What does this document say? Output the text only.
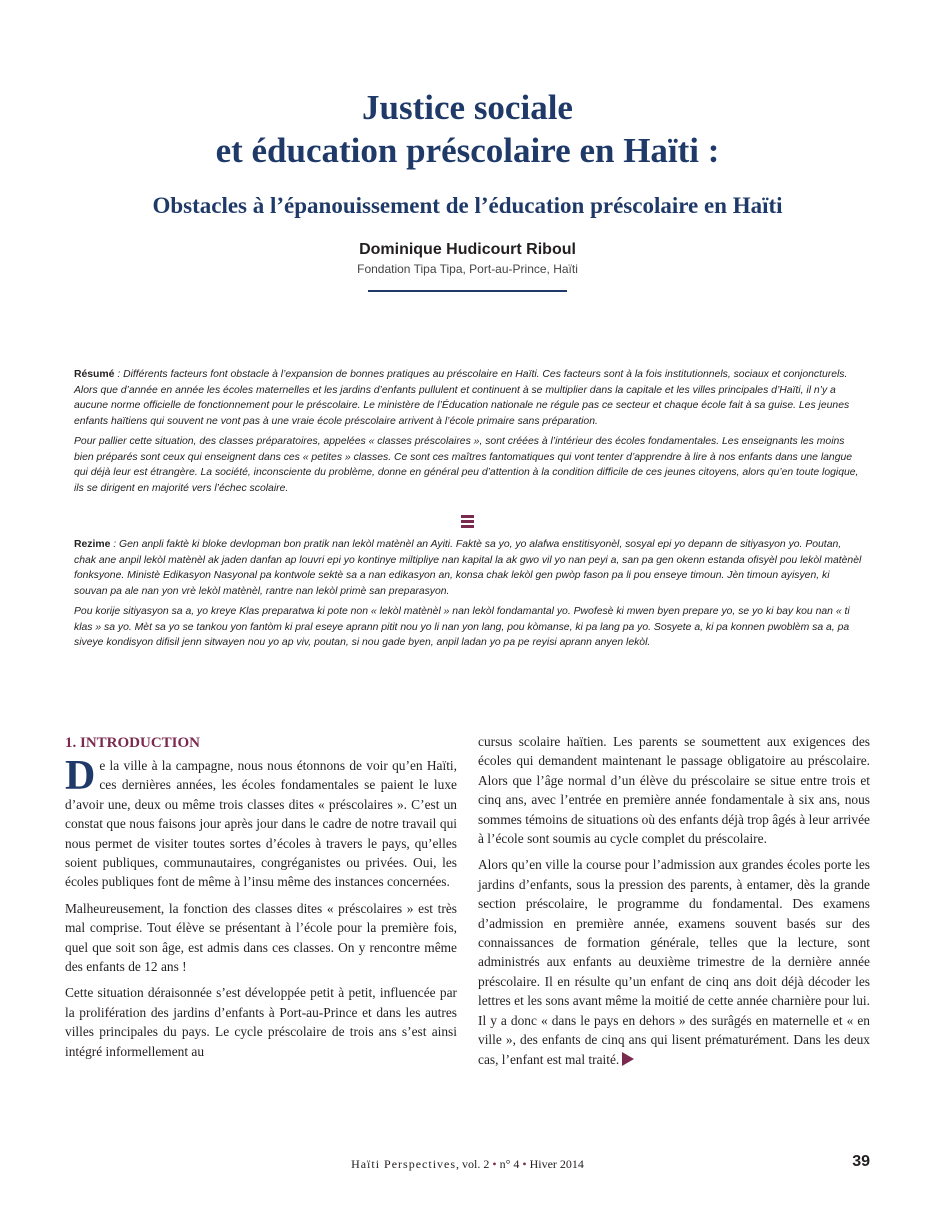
Justice sociale
et éducation préscolaire en Haïti :
Obstacles à l’épanouissement de l’éducation préscolaire en Haïti
Dominique Hudicourt Riboul
Fondation Tipa Tipa, Port-au-Prince, Haïti

Résumé : Différents facteurs font obstacle à l’expansion de bonnes pratiques au préscolaire en Haïti. Ces facteurs sont à la fois institutionnels, sociaux et conjoncturels. Alors que d’année en année les écoles maternelles et les jardins d’enfants pullulent et continuent à se multiplier dans la capitale et les villes principales d’Haïti, il n’y a aucune norme officielle de fonctionnement pour le préscolaire. Le ministère de l’Éducation nationale ne régule pas ce secteur et chaque école fait à sa guise. Les jeunes enfants haïtiens qui souvent ne vont pas à une vraie école préscolaire arrivent à l’école primaire sans préparation.

Pour pallier cette situation, des classes préparatoires, appelées « classes préscolaires », sont créées à l’intérieur des écoles fondamentales. Les enseignants les moins bien préparés sont ceux qui enseignent dans ces « petites » classes. Ce sont ces maîtres fantomatiques qui vont tenter d’apprendre à lire à nos enfants dans une langue qui déjà leur est étrangère. La société, inconsciente du problème, donne en général peu d’attention à la condition difficile de ces jeunes citoyens, alors qu’en toute logique, ils se dirigent en majorité vers l’échec scolaire.

Rezime : Gen anpli faktè ki bloke devlopman bon pratik nan lekòl matènèl an Ayiti. Faktè sa yo, yo alafwa enstitisyonèl, sosyal epi yo depann de sitiyasyon yo. Poutan, chak ane anpil lekòl matènèl ak jaden danfan ap louvri epi yo kontinye miltipliye nan kapital la ak gwo vil yo nan peyi a, san pa gen okenn estanda ofisyèl pou lekòl matènèl fonksyone. Ministè Edikasyon Nasyonal pa kontwole sektè sa a nan edikasyon an, konsa chak lekòl gen pwòp fason pa li pou enseye timoun. Jèn timoun ayisyen, ki souvan pa ale nan yon vrè lekòl matènèl, rantre nan lekòl primè san preparasyon.

Pou korije sitiyasyon sa a, yo kreye Klas preparatwa ki pote non « lekòl matènèl » nan lekòl fondamantal yo. Pwofesè ki mwen byen prepare yo, se yo ki bay kou nan « ti klas » sa yo. Mèt sa yo se tankou yon fantòm ki pral eseye aprann pitit nou yo li nan yon lang, pou kòmanse, ki pa lang pa yo. Sosyete a, ki pa konnen pwoblèm sa a, pa siveye kondisyon difisil jenn sitwayen nou yo ap viv, poutan, si nou gade byen, anpil ladan yo pa pe reyisi aprann anyen lekòl.

1. INTRODUCTION

De la ville à la campagne, nous nous étonnons de voir qu’en Haïti, ces dernières années, les écoles fondamentales se paient le luxe d’avoir une, deux ou même trois classes dites « préscolaires ». C’est un constat que nous faisons jour après jour dans le cadre de notre travail qui nous permet de visiter toutes sortes d’écoles à travers le pays, qu’elles soient publiques, communautaires, congréganistes ou privées. Oui, les écoles publiques font de même à l’insu même des instances concernées.

Malheureusement, la fonction des classes dites « préscolaires » est très mal comprise. Tout élève se présentant à l’école pour la première fois, quel que soit son âge, est admis dans ces classes. On y rencontre même des enfants de 12 ans !

Cette situation déraisonnée s’est développée petit à petit, influencée par la prolifération des jardins d’enfants à Port-au-Prince et dans les autres villes principales du pays. Le cycle préscolaire de trois ans s’est ainsi intégré informellement au

cursus scolaire haïtien. Les parents se soumettent aux exigences des écoles qui demandent maintenant le passage obligatoire au préscolaire. Alors que l’âge normal d’un élève du préscolaire se situe entre trois et cinq ans, avec l’entrée en première année fondamentale à six ans, nous sommes témoins de situations où des enfants déjà trop âgés à leur arrivée à l’école sont soumis au cycle complet du préscolaire.

Alors qu’en ville la course pour l’admission aux grandes écoles porte les jardins d’enfants, sous la pression des parents, à entamer, dès la grande section préscolaire, le programme du fondamental. Des examens d’admission en première année, examens souvent basés sur des connaissances de formation générale, telles que la lecture, sont administrés aux enfants au deuxième trimestre de la dernière année préscolaire. Il en résulte qu’un enfant de cinq ans doit déjà décoder les lettres et les sons avant même la moitié de cette année charnière pour lui. Il y a donc « dans le pays en dehors » des surâgés en maternelle et « en ville », des enfants de cinq ans qui lisent prématurément. Dans les deux cas, l’enfant est mal traité.

Haïti Perspectives, vol. 2 • n° 4 • Hiver 2014	39
